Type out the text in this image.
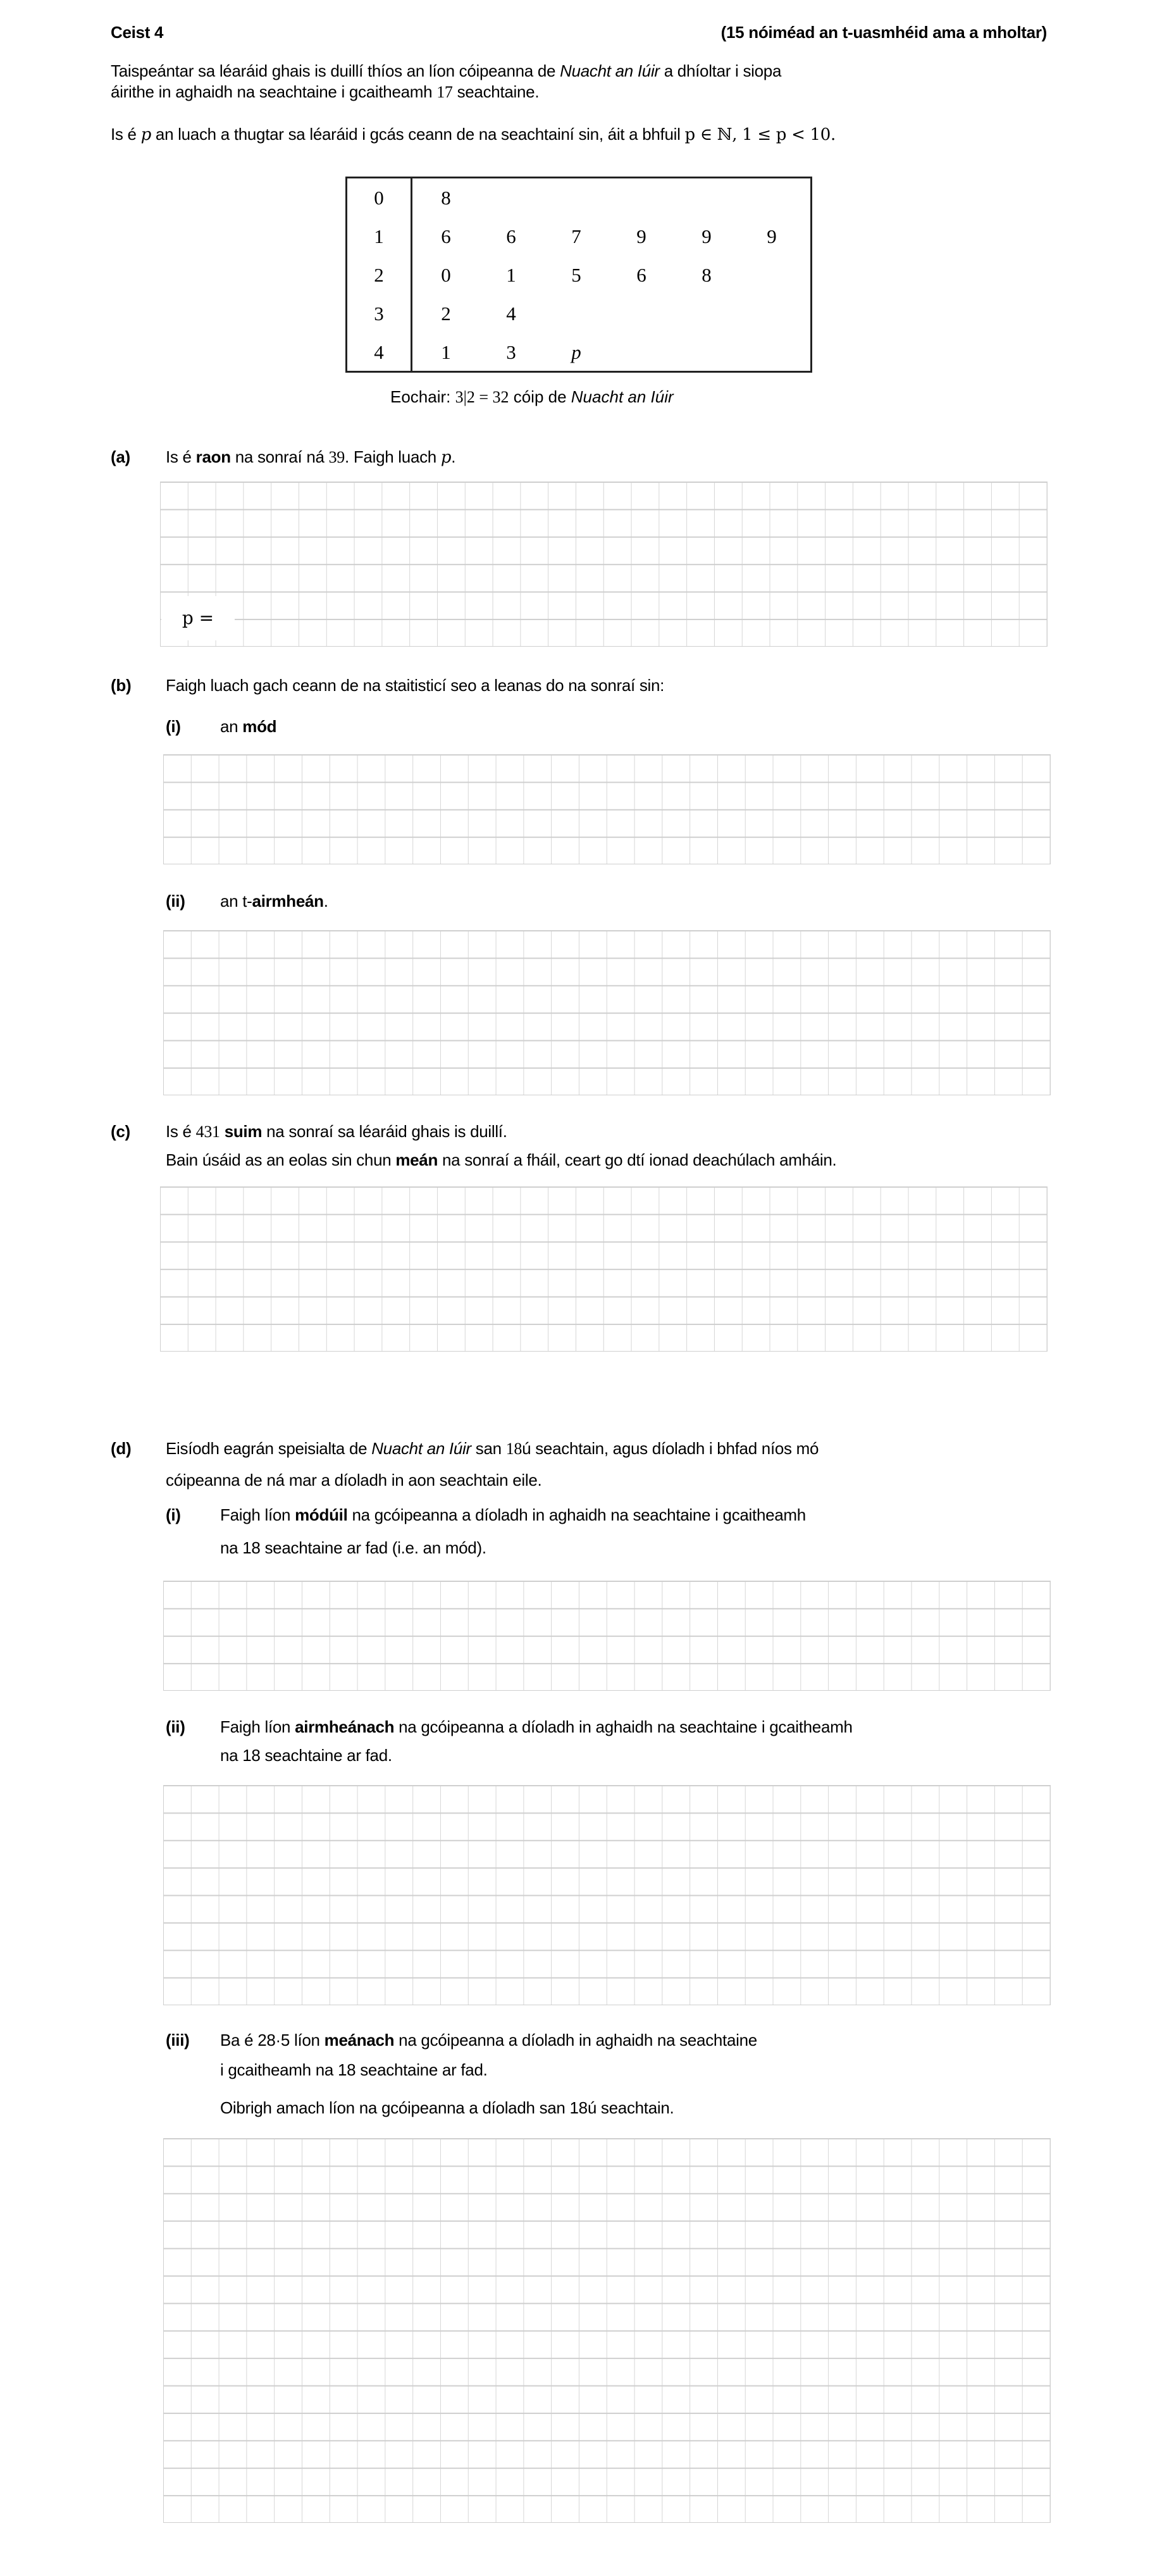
Ceist 4	(15 nóiméad an t-uasmhéid ama a mholtar)
Taispeántar sa léaráid ghais is duillí thíos an líon cóipeanna de Nuacht an Iúir a dhíoltar i siopa
áirithe in aghaidh na seachtaine i gcaitheamh 17 seachtaine.
Is é p an luach a thugtar sa léaráid i gcás ceann de na seachtainí sin, áit a bhfuil p ∈ ℕ, 1 ≤ p < 10.
0	8
1	6	6	7	9	9	9
2	0	1	5	6	8
3	2	4
4	1	3	p
Eochair: 3|2 = 32 cóip de Nuacht an Iúir
(a) Is é raon na sonraí ná 39. Faigh luach p.
p =
(b) Faigh luach gach ceann de na staitisticí seo a leanas do na sonraí sin:
(i) an mód
(ii) an t-airmheán.
(c) Is é 431 suim na sonraí sa léaráid ghais is duillí.
Bain úsáid as an eolas sin chun meán na sonraí a fháil, ceart go dtí ionad deachúlach amháin.
(d) Eisíodh eagrán speisialta de Nuacht an Iúir san 18ú seachtain, agus díoladh i bhfad níos mó
cóipeanna de ná mar a díoladh in aon seachtain eile.
(i) Faigh líon módúil na gcóipeanna a díoladh in aghaidh na seachtaine i gcaitheamh
na 18 seachtaine ar fad (i.e. an mód).
(ii) Faigh líon airmheánach na gcóipeanna a díoladh in aghaidh na seachtaine i gcaitheamh
na 18 seachtaine ar fad.
(iii) Ba é 28·5 líon meánach na gcóipeanna a díoladh in aghaidh na seachtaine
i gcaitheamh na 18 seachtaine ar fad.
Oibrigh amach líon na gcóipeanna a díoladh san 18ú seachtain.
